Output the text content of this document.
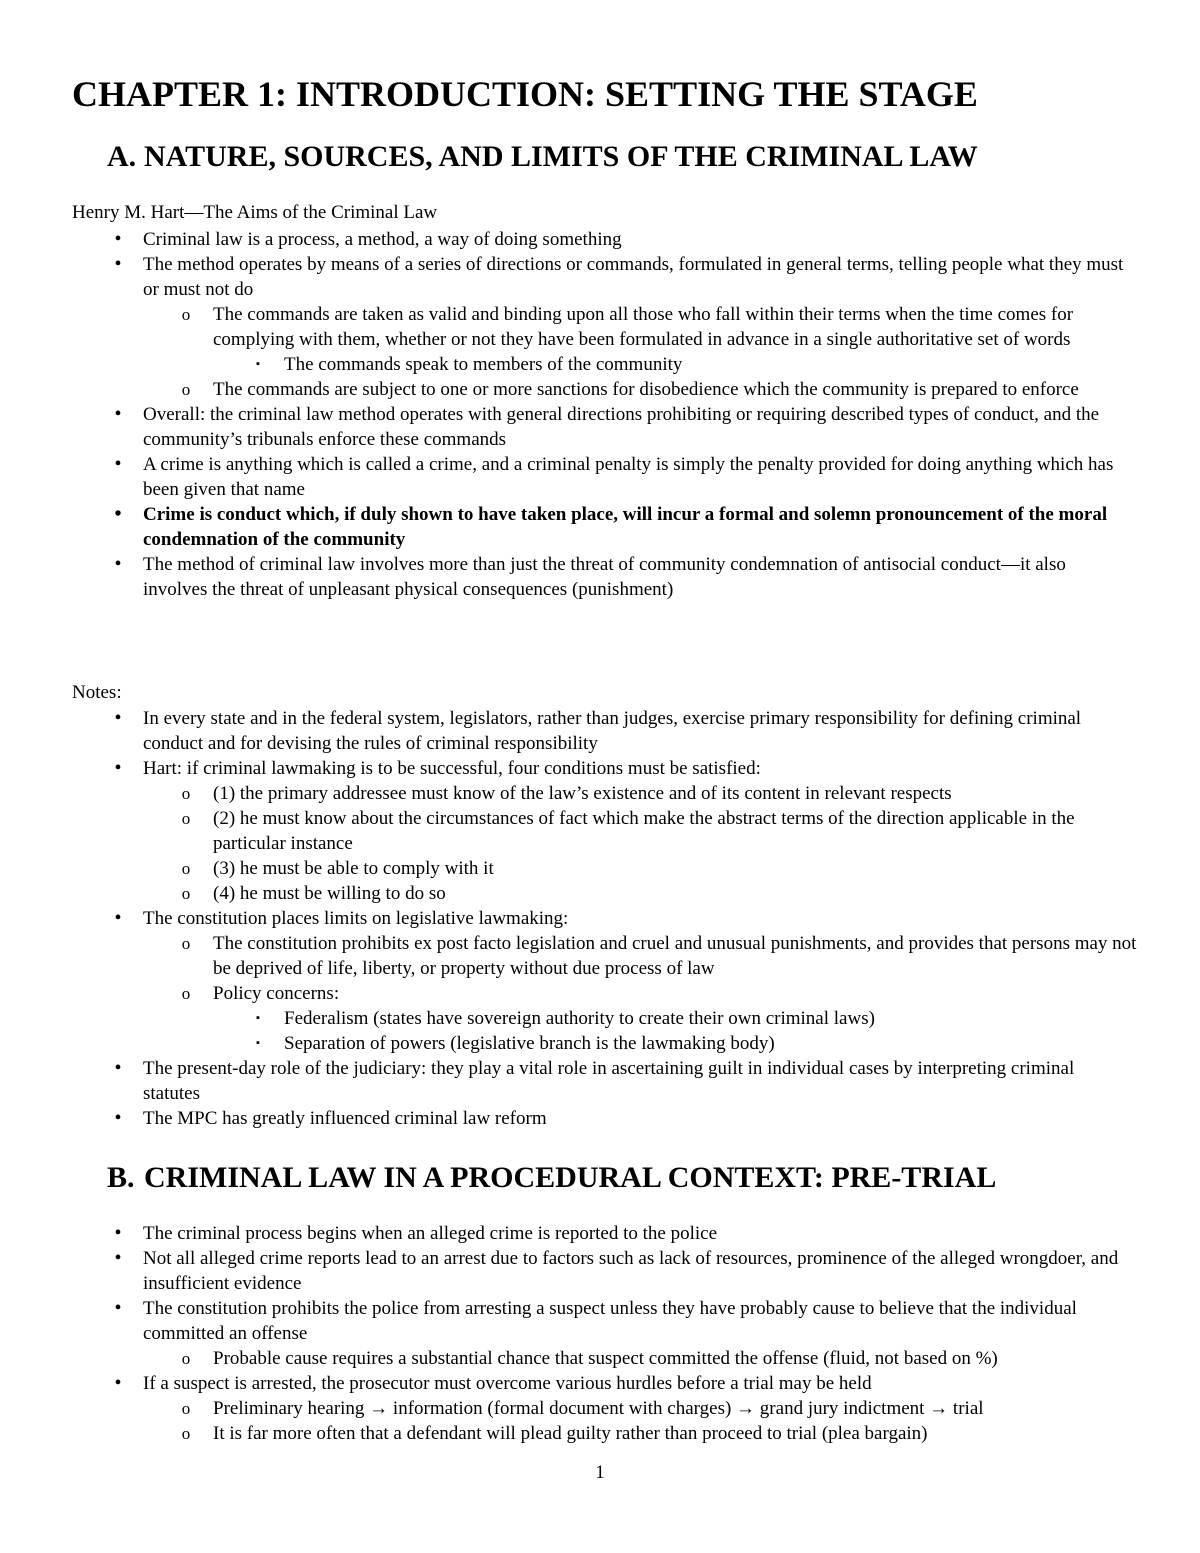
CHAPTER 1: INTRODUCTION: SETTING THE STAGE
A. NATURE, SOURCES, AND LIMITS OF THE CRIMINAL LAW
Henry M. Hart—The Aims of the Criminal Law
•	Criminal law is a process, a method, a way of doing something
•	The method operates by means of a series of directions or commands, formulated in general terms, telling people what they must or must not do
o	The commands are taken as valid and binding upon all those who fall within their terms when the time comes for complying with them, whether or not they have been formulated in advance in a single authoritative set of words
▪	The commands speak to members of the community
o	The commands are subject to one or more sanctions for disobedience which the community is prepared to enforce
•	Overall: the criminal law method operates with general directions prohibiting or requiring described types of conduct, and the community’s tribunals enforce these commands
•	A crime is anything which is called a crime, and a criminal penalty is simply the penalty provided for doing anything which has been given that name
•	Crime is conduct which, if duly shown to have taken place, will incur a formal and solemn pronouncement of the moral condemnation of the community
•	The method of criminal law involves more than just the threat of community condemnation of antisocial conduct—it also involves the threat of unpleasant physical consequences (punishment)
Notes:
•	In every state and in the federal system, legislators, rather than judges, exercise primary responsibility for defining criminal conduct and for devising the rules of criminal responsibility
•	Hart: if criminal lawmaking is to be successful, four conditions must be satisfied:
o	(1) the primary addressee must know of the law’s existence and of its content in relevant respects
o	(2) he must know about the circumstances of fact which make the abstract terms of the direction applicable in the particular instance
o	(3) he must be able to comply with it
o	(4) he must be willing to do so
•	The constitution places limits on legislative lawmaking:
o	The constitution prohibits ex post facto legislation and cruel and unusual punishments, and provides that persons may not be deprived of life, liberty, or property without due process of law
o	Policy concerns:
▪	Federalism (states have sovereign authority to create their own criminal laws)
▪	Separation of powers (legislative branch is the lawmaking body)
•	The present-day role of the judiciary: they play a vital role in ascertaining guilt in individual cases by interpreting criminal statutes
•	The MPC has greatly influenced criminal law reform
B. CRIMINAL LAW IN A PROCEDURAL CONTEXT: PRE-TRIAL
•	The criminal process begins when an alleged crime is reported to the police
•	Not all alleged crime reports lead to an arrest due to factors such as lack of resources, prominence of the alleged wrongdoer, and insufficient evidence
•	The constitution prohibits the police from arresting a suspect unless they have probably cause to believe that the individual committed an offense
o	Probable cause requires a substantial chance that suspect committed the offense (fluid, not based on %)
•	If a suspect is arrested, the prosecutor must overcome various hurdles before a trial may be held
o	Preliminary hearing → information (formal document with charges) → grand jury indictment → trial
o	It is far more often that a defendant will plead guilty rather than proceed to trial (plea bargain)
1
